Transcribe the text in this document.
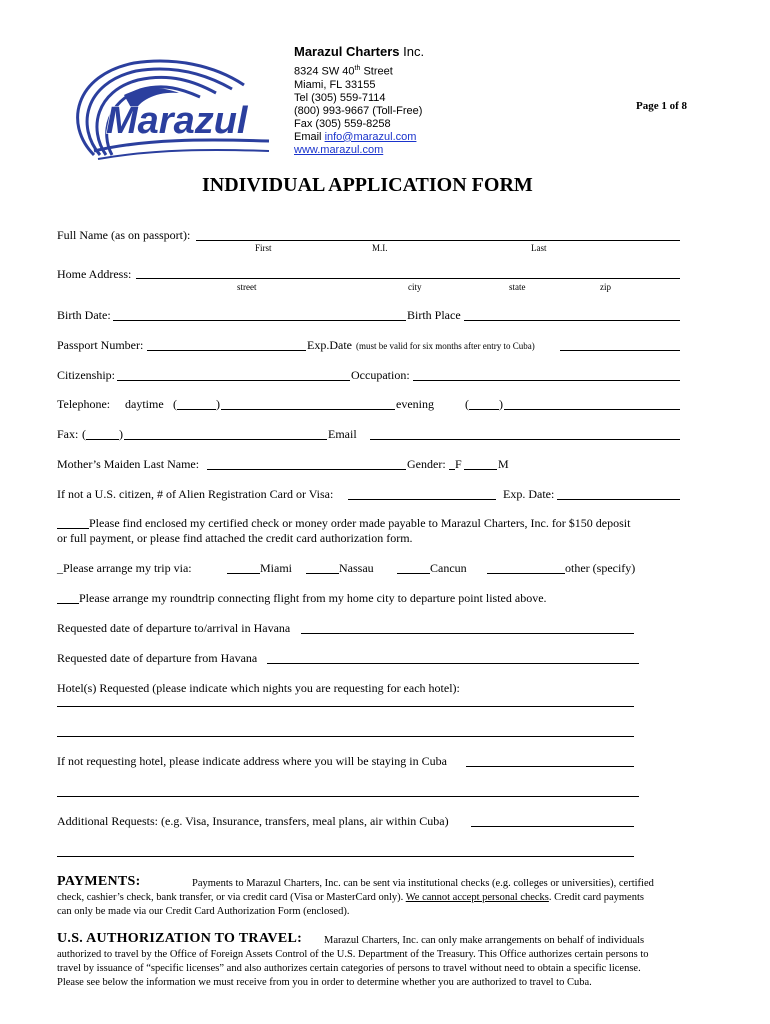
Marazul
Marazul Charters Inc.
8324 SW 40th Street
Miami, FL 33155
Tel (305) 559-7114
(800) 993-9667 (Toll-Free)
Fax (305) 559-8258
Email info@marazul.com
www.marazul.com
Page 1 of 8
INDIVIDUAL APPLICATION FORM
Full Name (as on passport):
First	M.I.	Last
Home Address:
street	city	state	zip
Birth Date:	Birth Place
Passport Number:	Exp.Date (must be valid for six months after entry to Cuba)
Citizenship:	Occupation:
Telephone: daytime (	)	evening	(	)
Fax: (	)	Email
Mother’s Maiden Last Name:	Gender: F	M
If not a U.S. citizen, # of Alien Registration Card or Visa:	Exp. Date:
Please find enclosed my certified check or money order made payable to Marazul Charters, Inc. for $150 deposit
or full payment, or please find attached the credit card authorization form.
_Please arrange my trip via:	Miami	Nassau	Cancun	other (specify)
Please arrange my roundtrip connecting flight from my home city to departure point listed above.
Requested date of departure to/arrival in Havana
Requested date of departure from Havana
Hotel(s) Requested (please indicate which nights you are requesting for each hotel):
If not requesting hotel, please indicate address where you will be staying in Cuba
Additional Requests: (e.g. Visa, Insurance, transfers, meal plans, air within Cuba)
PAYMENTS:	Payments to Marazul Charters, Inc. can be sent via institutional checks (e.g. colleges or universities), certified
check, cashier’s check, bank transfer, or via credit card (Visa or MasterCard only). We cannot accept personal checks. Credit card payments
can only be made via our Credit Card Authorization Form (enclosed).
U.S. AUTHORIZATION TO TRAVEL: Marazul Charters, Inc. can only make arrangements on behalf of individuals
authorized to travel by the Office of Foreign Assets Control of the U.S. Department of the Treasury. This Office authorizes certain persons to
travel by issuance of “specific licenses” and also authorizes certain categories of persons to travel without need to obtain a specific license.
Please see below the information we must receive from you in order to determine whether you are authorized to travel to Cuba.
